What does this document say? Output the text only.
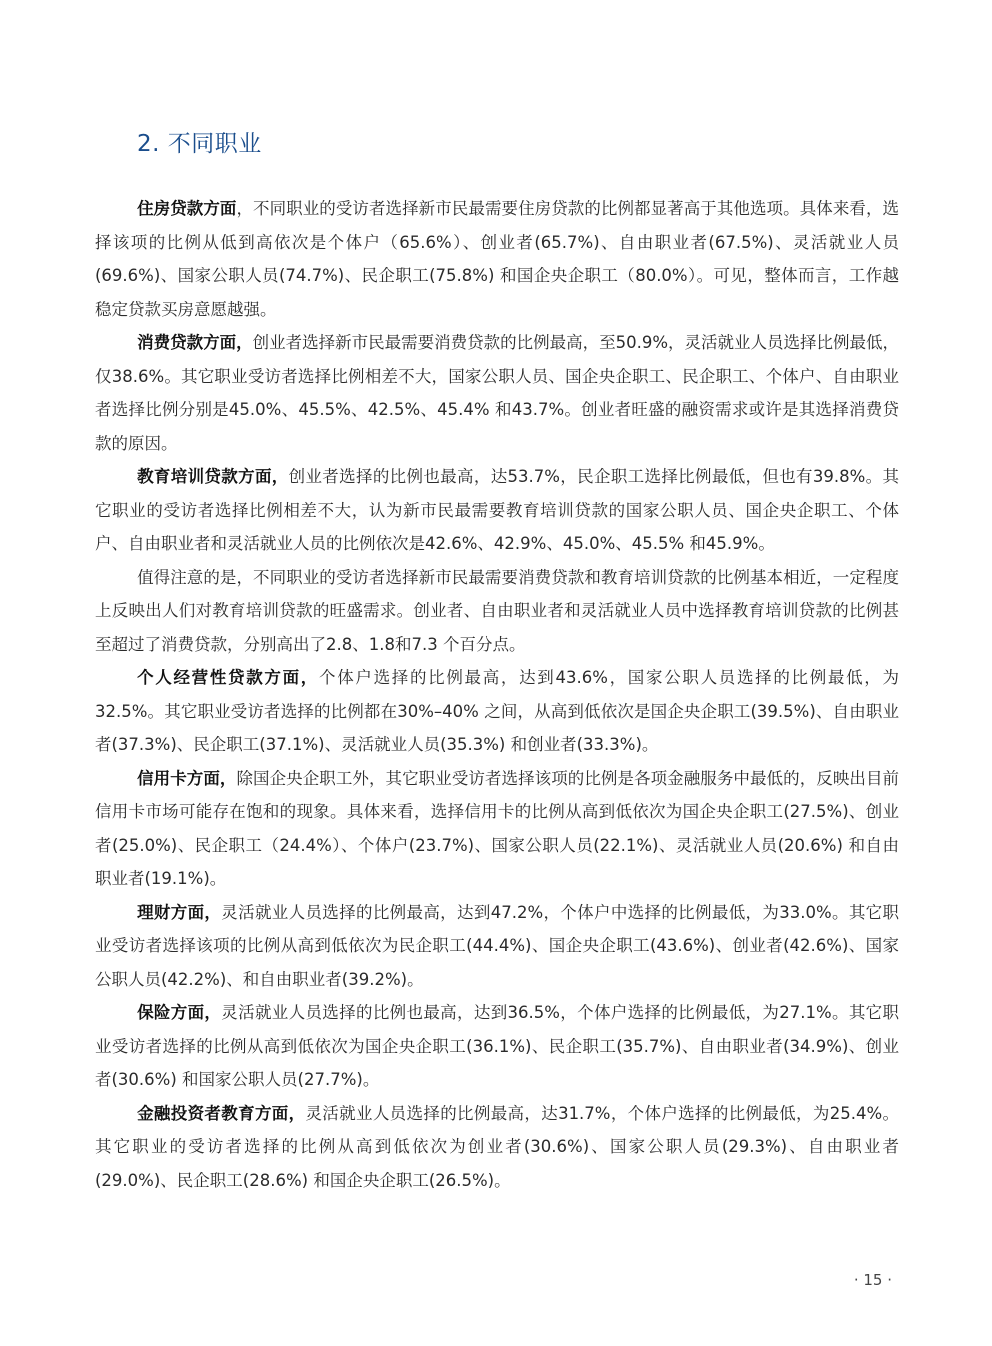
2. 不同职业

住房贷款方面，不同职业的受访者选择新市民最需要住房贷款的比例都显著高于其他选项。具体来看，选择该项的比例从低到高依次是个体户（65.6%）、创业者(65.7%)、自由职业者(67.5%)、灵活就业人员(69.6%)、国家公职人员(74.7%)、民企职工(75.8%) 和国企央企职工（80.0%）。可见，整体而言，工作越稳定贷款买房意愿越强。

消费贷款方面，创业者选择新市民最需要消费贷款的比例最高，至50.9%，灵活就业人员选择比例最低，仅38.6%。其它职业受访者选择比例相差不大，国家公职人员、国企央企职工、民企职工、个体户、自由职业者选择比例分别是45.0%、45.5%、42.5%、45.4% 和43.7%。创业者旺盛的融资需求或许是其选择消费贷款的原因。

教育培训贷款方面，创业者选择的比例也最高，达53.7%，民企职工选择比例最低，但也有39.8%。其它职业的受访者选择比例相差不大，认为新市民最需要教育培训贷款的国家公职人员、国企央企职工、个体户、自由职业者和灵活就业人员的比例依次是42.6%、42.9%、45.0%、45.5% 和45.9%。

值得注意的是，不同职业的受访者选择新市民最需要消费贷款和教育培训贷款的比例基本相近，一定程度上反映出人们对教育培训贷款的旺盛需求。创业者、自由职业者和灵活就业人员中选择教育培训贷款的比例甚至超过了消费贷款，分别高出了2.8、1.8和7.3 个百分点。

个人经营性贷款方面，个体户选择的比例最高，达到43.6%，国家公职人员选择的比例最低，为32.5%。其它职业受访者选择的比例都在30%–40% 之间，从高到低依次是国企央企职工(39.5%)、自由职业者(37.3%)、民企职工(37.1%)、灵活就业人员(35.3%) 和创业者(33.3%)。

信用卡方面，除国企央企职工外，其它职业受访者选择该项的比例是各项金融服务中最低的，反映出目前信用卡市场可能存在饱和的现象。具体来看，选择信用卡的比例从高到低依次为国企央企职工(27.5%)、创业者(25.0%)、民企职工（24.4%）、个体户(23.7%)、国家公职人员(22.1%)、灵活就业人员(20.6%) 和自由职业者(19.1%)。

理财方面，灵活就业人员选择的比例最高，达到47.2%，个体户中选择的比例最低，为33.0%。其它职业受访者选择该项的比例从高到低依次为民企职工(44.4%)、国企央企职工(43.6%)、创业者(42.6%)、国家公职人员(42.2%)、和自由职业者(39.2%)。

保险方面，灵活就业人员选择的比例也最高，达到36.5%，个体户选择的比例最低，为27.1%。其它职业受访者选择的比例从高到低依次为国企央企职工(36.1%)、民企职工(35.7%)、自由职业者(34.9%)、创业者(30.6%) 和国家公职人员(27.7%)。

金融投资者教育方面，灵活就业人员选择的比例最高，达31.7%，个体户选择的比例最低，为25.4%。其它职业的受访者选择的比例从高到低依次为创业者(30.6%)、国家公职人员(29.3%)、自由职业者(29.0%)、民企职工(28.6%) 和国企央企职工(26.5%)。

· 15 ·
